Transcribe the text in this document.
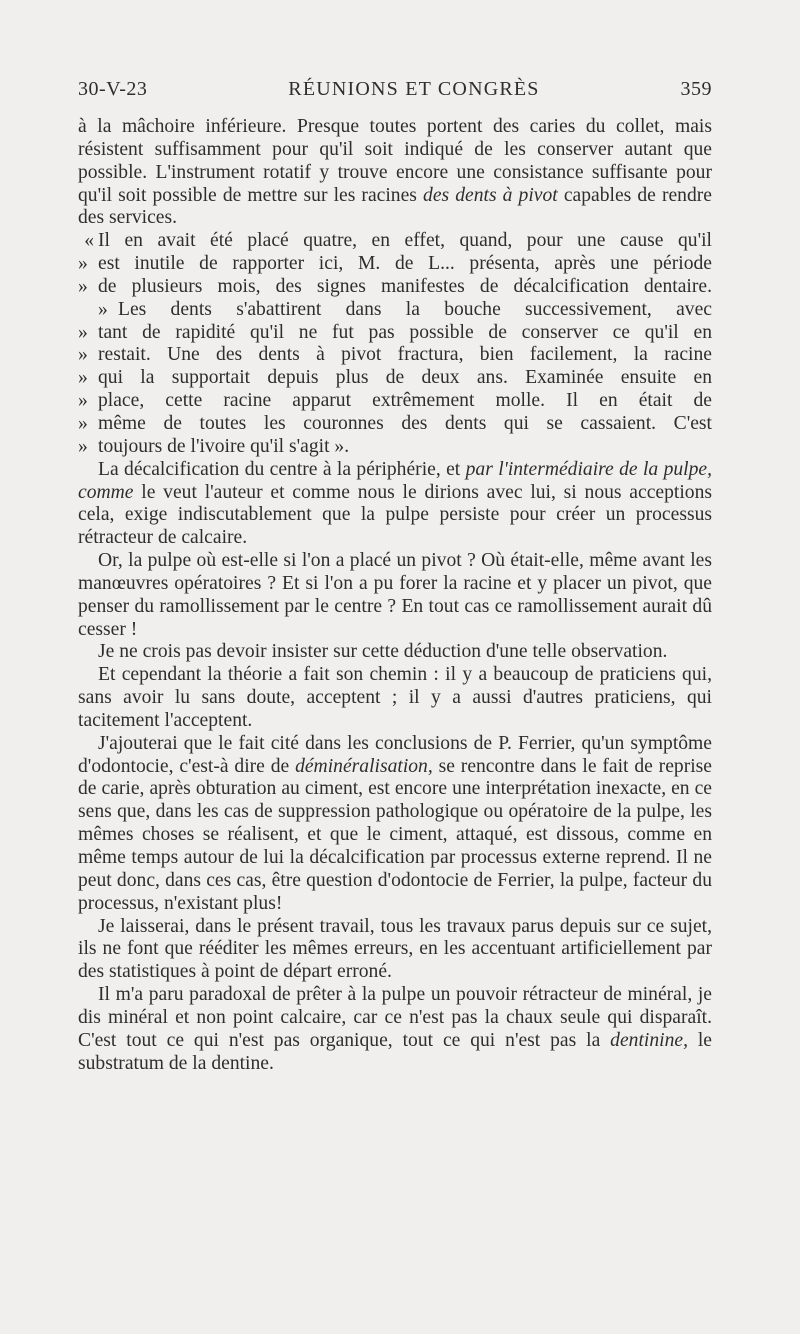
30-V-23	RÉUNIONS ET CONGRÈS	359

à la mâchoire inférieure. Presque toutes portent des caries du collet, mais résistent suffisamment pour qu'il soit indiqué de les conserver autant que possible. L'instrument rotatif y trouve encore une consistance suffisante pour qu'il soit possible de mettre sur les racines des dents à pivot capables de rendre des services.

« Il en avait été placé quatre, en effet, quand, pour une cause qu'il

» est inutile de rapporter ici, M. de L... présenta, après une période

» de plusieurs mois, des signes manifestes de décalcification dentaire.

» Les dents s'abattirent dans la bouche successivement, avec

» tant de rapidité qu'il ne fut pas possible de conserver ce qu'il en

» restait. Une des dents à pivot fractura, bien facilement, la racine

» qui la supportait depuis plus de deux ans. Examinée ensuite en

» place, cette racine apparut extrêmement molle. Il en était de

» même de toutes les couronnes des dents qui se cassaient. C'est

» toujours de l'ivoire qu'il s'agit ».

La décalcification du centre à la périphérie, et par l'intermédiaire de la pulpe, comme le veut l'auteur et comme nous le dirions avec lui, si nous acceptions cela, exige indiscutablement que la pulpe persiste pour créer un processus rétracteur de calcaire.

Or, la pulpe où est-elle si l'on a placé un pivot ? Où était-elle, même avant les manœuvres opératoires ? Et si l'on a pu forer la racine et y placer un pivot, que penser du ramollissement par le centre ? En tout cas ce ramollissement aurait dû cesser !

Je ne crois pas devoir insister sur cette déduction d'une telle observation.

Et cependant la théorie a fait son chemin : il y a beaucoup de praticiens qui, sans avoir lu sans doute, acceptent ; il y a aussi d'autres praticiens, qui tacitement l'acceptent.

J'ajouterai que le fait cité dans les conclusions de P. Ferrier, qu'un symptôme d'odontocie, c'est-à dire de déminéralisation, se rencontre dans le fait de reprise de carie, après obturation au ciment, est encore une interprétation inexacte, en ce sens que, dans les cas de suppression pathologique ou opératoire de la pulpe, les mêmes choses se réalisent, et que le ciment, attaqué, est dissous, comme en même temps autour de lui la décalcification par processus externe reprend. Il ne peut donc, dans ces cas, être question d'odontocie de Ferrier, la pulpe, facteur du processus, n'existant plus!

Je laisserai, dans le présent travail, tous les travaux parus depuis sur ce sujet, ils ne font que rééditer les mêmes erreurs, en les accentuant artificiellement par des statistiques à point de départ erroné.

Il m'a paru paradoxal de prêter à la pulpe un pouvoir rétracteur de minéral, je dis minéral et non point calcaire, car ce n'est pas la chaux seule qui disparaît. C'est tout ce qui n'est pas organique, tout ce qui n'est pas la dentinine, le substratum de la dentine.
